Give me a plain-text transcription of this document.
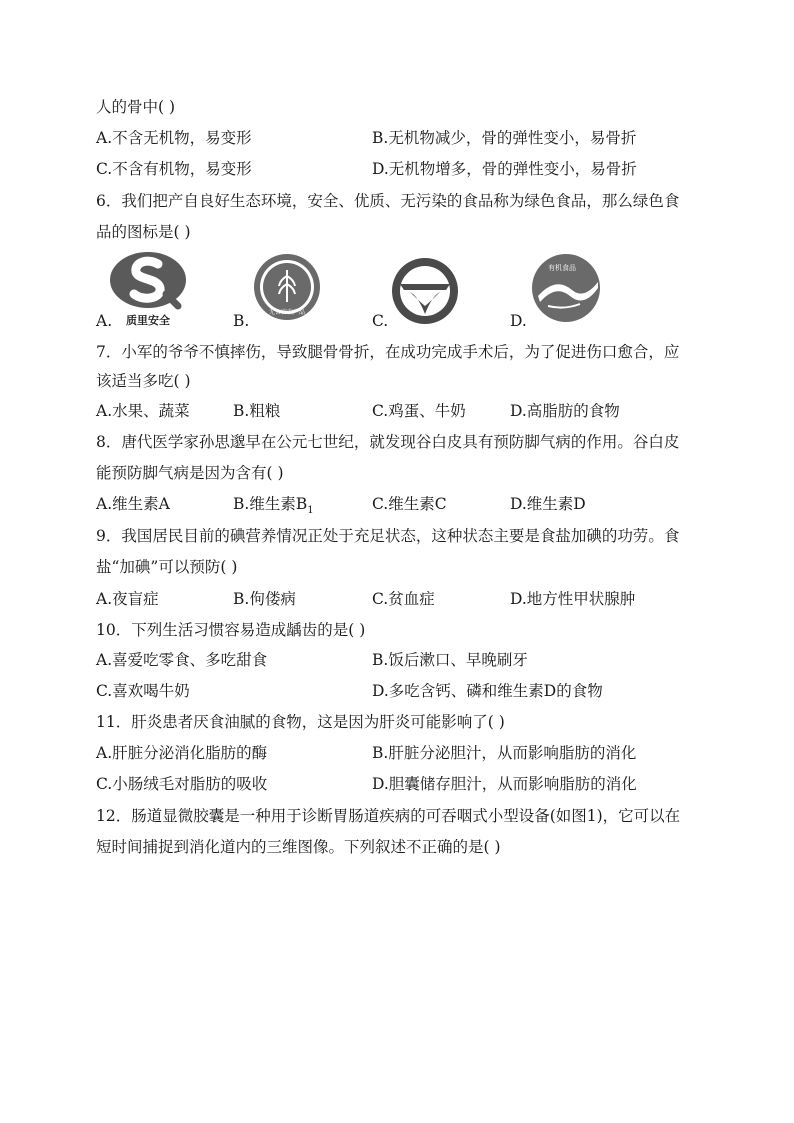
人的骨中( )
A.不含无机物，易变形	B.无机物减少，骨的弹性变小，易骨折
C.不含有机物，易变形	D.无机物增多，骨的弹性变小，易骨折
6．我们把产自良好生态环境，安全、优质、无污染的食品称为绿色食品，那么绿色食
品的图标是( )
A. 质里安全	B.	无公害农产品	C.	D.
有机食品
7．小军的爷爷不慎摔伤，导致腿骨骨折，在成功完成手术后，为了促进伤口愈合，应
该适当多吃( )
A.水果、蔬菜	B.粗粮	C.鸡蛋、牛奶	D.高脂肪的食物
8．唐代医学家孙思邈早在公元七世纪，就发现谷白皮具有预防脚气病的作用。谷白皮
能预防脚气病是因为含有( )
A.维生素A	B.维生素$B_1$	C.维生素C	D.维生素D
9．我国居民目前的碘营养情况正处于充足状态，这种状态主要是食盐加碘的功劳。食
盐“加碘”可以预防( )
A.夜盲症	B.佝偻病	C.贫血症	D.地方性甲状腺肿
10．下列生活习惯容易造成龋齿的是( )
A.喜爱吃零食、多吃甜食	B.饭后漱口、早晚刷牙
C.喜欢喝牛奶	D.多吃含钙、磷和维生素D的食物
11．肝炎患者厌食油腻的食物，这是因为肝炎可能影响了( )
A.肝脏分泌消化脂肪的酶	B.肝脏分泌胆汁，从而影响脂肪的消化
C.小肠绒毛对脂肪的吸收	D.胆囊储存胆汁，从而影响脂肪的消化
12．肠道显微胶囊是一种用于诊断胃肠道疾病的可吞咽式小型设备(如图1)，它可以在
短时间捕捉到消化道内的三维图像。下列叙述不正确的是( )
